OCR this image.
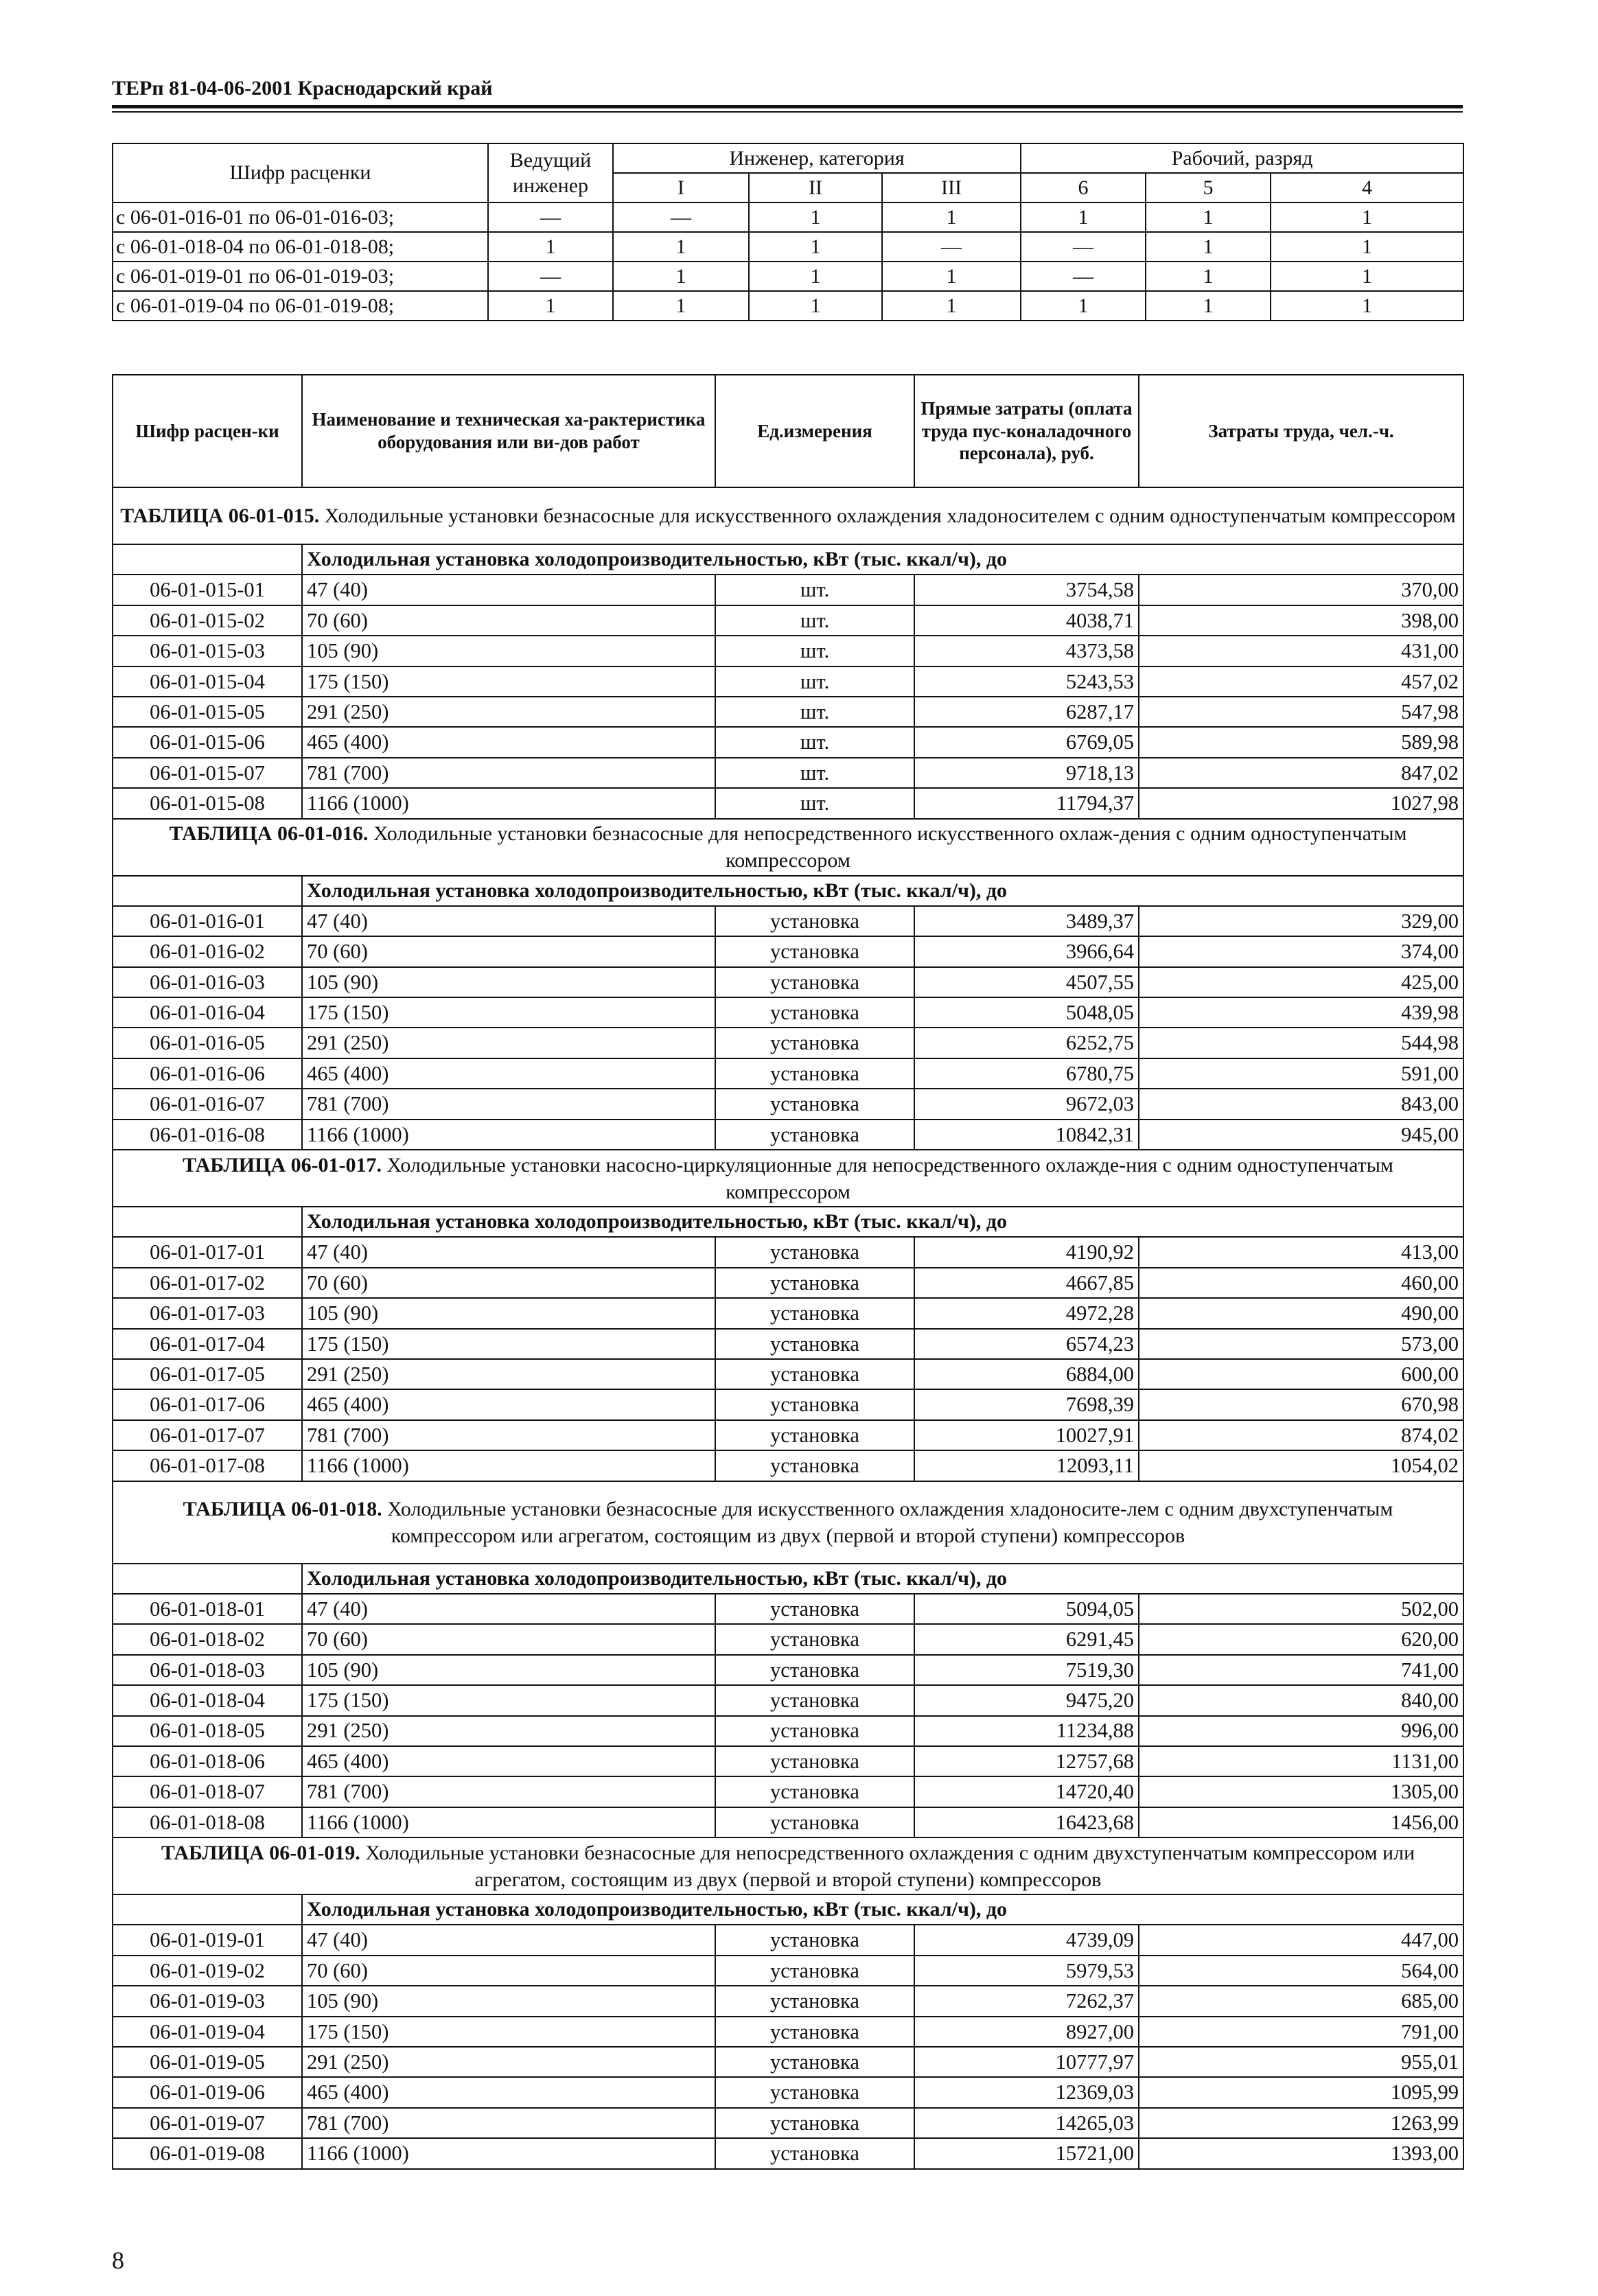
ТЕРп 81-04-06-2001 Краснодарский край
Шифр расценки	Ведущий инженер	Инженер, категория			Рабочий, разряд		
		I	II	III	6	5	4
с 06-01-016-01 по 06-01-016-03;	—	—	1	1	1	1	1
с 06-01-018-04 по 06-01-018-08;	1	1	1	—	—	1	1
с 06-01-019-01 по 06-01-019-03;	—	1	1	1	—	1	1
с 06-01-019-04 по 06-01-019-08;	1	1	1	1	1	1	1
Шифр расцен-ки	Наименование и техническая ха-рактеристика оборудования или ви-дов работ	Ед.измерения	Прямые затраты (оплата труда пус-коналадочного персонала), руб.	Затраты труда, чел.-ч.
ТАБЛИЦА 06-01-015. Холодильные установки безнасосные для искусственного охлаждения хладоносителем с одним одноступенчатым компрессором				
	Холодильная установка холодопроизводительностью, кВт (тыс. ккал/ч), до			
06-01-015-01	47 (40)	шт.	3754,58	370,00
06-01-015-02	70 (60)	шт.	4038,71	398,00
06-01-015-03	105 (90)	шт.	4373,58	431,00
06-01-015-04	175 (150)	шт.	5243,53	457,02
06-01-015-05	291 (250)	шт.	6287,17	547,98
06-01-015-06	465 (400)	шт.	6769,05	589,98
06-01-015-07	781 (700)	шт.	9718,13	847,02
06-01-015-08	1166 (1000)	шт.	11794,37	1027,98
ТАБЛИЦА 06-01-016. Холодильные установки безнасосные для непосредственного искусственного охлаж-дения с одним одноступенчатым компрессором				
	Холодильная установка холодопроизводительностью, кВт (тыс. ккал/ч), до			
06-01-016-01	47 (40)	установка	3489,37	329,00
06-01-016-02	70 (60)	установка	3966,64	374,00
06-01-016-03	105 (90)	установка	4507,55	425,00
06-01-016-04	175 (150)	установка	5048,05	439,98
06-01-016-05	291 (250)	установка	6252,75	544,98
06-01-016-06	465 (400)	установка	6780,75	591,00
06-01-016-07	781 (700)	установка	9672,03	843,00
06-01-016-08	1166 (1000)	установка	10842,31	945,00
ТАБЛИЦА 06-01-017. Холодильные установки насосно-циркуляционные для непосредственного охлажде-ния с одним одноступенчатым компрессором				
	Холодильная установка холодопроизводительностью, кВт (тыс. ккал/ч), до			
06-01-017-01	47 (40)	установка	4190,92	413,00
06-01-017-02	70 (60)	установка	4667,85	460,00
06-01-017-03	105 (90)	установка	4972,28	490,00
06-01-017-04	175 (150)	установка	6574,23	573,00
06-01-017-05	291 (250)	установка	6884,00	600,00
06-01-017-06	465 (400)	установка	7698,39	670,98
06-01-017-07	781 (700)	установка	10027,91	874,02
06-01-017-08	1166 (1000)	установка	12093,11	1054,02
ТАБЛИЦА 06-01-018. Холодильные установки безнасосные для искусственного охлаждения хладоносите-лем с одним двухступенчатым компрессором или агрегатом, состоящим из двух (первой и второй ступени) компрессоров				
	Холодильная установка холодопроизводительностью, кВт (тыс. ккал/ч), до			
06-01-018-01	47 (40)	установка	5094,05	502,00
06-01-018-02	70 (60)	установка	6291,45	620,00
06-01-018-03	105 (90)	установка	7519,30	741,00
06-01-018-04	175 (150)	установка	9475,20	840,00
06-01-018-05	291 (250)	установка	11234,88	996,00
06-01-018-06	465 (400)	установка	12757,68	1131,00
06-01-018-07	781 (700)	установка	14720,40	1305,00
06-01-018-08	1166 (1000)	установка	16423,68	1456,00
ТАБЛИЦА 06-01-019. Холодильные установки безнасосные для непосредственного охлаждения с одним двухступенчатым компрессором или агрегатом, состоящим из двух (первой и второй ступени) компрессоров				
	Холодильная установка холодопроизводительностью, кВт (тыс. ккал/ч), до			
06-01-019-01	47 (40)	установка	4739,09	447,00
06-01-019-02	70 (60)	установка	5979,53	564,00
06-01-019-03	105 (90)	установка	7262,37	685,00
06-01-019-04	175 (150)	установка	8927,00	791,00
06-01-019-05	291 (250)	установка	10777,97	955,01
06-01-019-06	465 (400)	установка	12369,03	1095,99
06-01-019-07	781 (700)	установка	14265,03	1263,99
06-01-019-08	1166 (1000)	установка	15721,00	1393,00
8
